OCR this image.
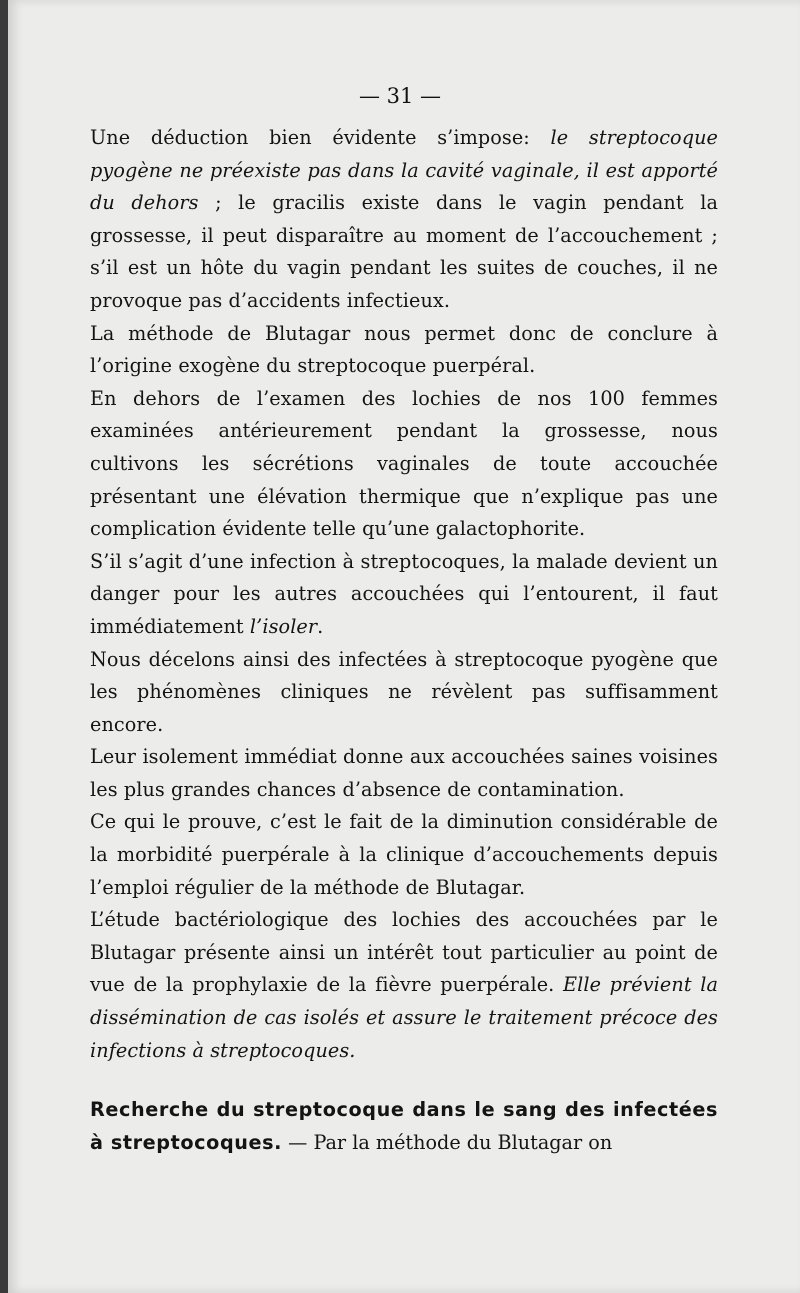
— 31 —

Une déduction bien évidente s’impose: le streptocoque pyogène ne préexiste pas dans la cavité vaginale, il est apporté du dehors ; le gracilis existe dans le vagin pendant la grossesse, il peut disparaître au moment de l’accouchement ; s’il est un hôte du vagin pendant les suites de couches, il ne provoque pas d’accidents infectieux.

La méthode de Blutagar nous permet donc de conclure à l’origine exogène du streptocoque puerpéral.

En dehors de l’examen des lochies de nos 100 femmes examinées antérieurement pendant la grossesse, nous cultivons les sécrétions vaginales de toute accouchée présentant une élévation thermique que n’explique pas une complication évidente telle qu’une galactophorite.

S’il s’agit d’une infection à streptocoques, la malade devient un danger pour les autres accouchées qui l’entourent, il faut immédiatement l’isoler.

Nous décelons ainsi des infectées à streptocoque pyogène que les phénomènes cliniques ne révèlent pas suffisamment encore.

Leur isolement immédiat donne aux accouchées saines voisines les plus grandes chances d’absence de contamination.

Ce qui le prouve, c’est le fait de la diminution considérable de la morbidité puerpérale à la clinique d’accouchements depuis l’emploi régulier de la méthode de Blutagar.

L’étude bactériologique des lochies des accouchées par le Blutagar présente ainsi un intérêt tout particulier au point de vue de la prophylaxie de la fièvre puerpérale. Elle prévient la dissémination de cas isolés et assure le traitement précoce des infections à streptocoques.

Recherche du streptocoque dans le sang des infectées à streptocoques. — Par la méthode du Blutagar on
